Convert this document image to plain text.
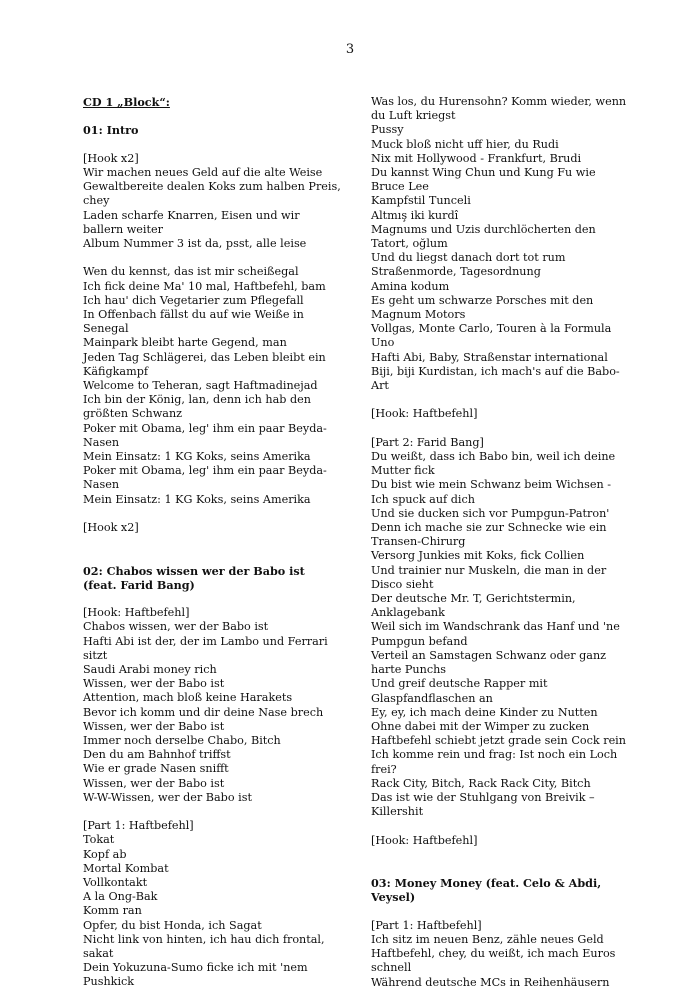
3
CD 1 „Block“:
01: Intro
[Hook x2]
Wir machen neues Geld auf die alte Weise
Gewaltbereite dealen Koks zum halben Preis, chey
Laden scharfe Knarren, Eisen und wir ballern weiter
Album Nummer 3 ist da, psst, alle leise
Wen du kennst, das ist mir scheißegal
Ich fick deine Ma' 10 mal, Haftbefehl, bam
Ich hau' dich Vegetarier zum Pflegefall
In Offenbach fällst du auf wie Weiße in Senegal
Mainpark bleibt harte Gegend, man
Jeden Tag Schlägerei, das Leben bleibt ein Käfigkampf
Welcome to Teheran, sagt Haftmadinejad
Ich bin der König, lan, denn ich hab den größten Schwanz
Poker mit Obama, leg' ihm ein paar Beyda-Nasen
Mein Einsatz: 1 KG Koks, seins Amerika
Poker mit Obama, leg' ihm ein paar Beyda-Nasen
Mein Einsatz: 1 KG Koks, seins Amerika
[Hook x2]
02: Chabos wissen wer der Babo ist (feat. Farid Bang)
[Hook: Haftbefehl]
Chabos wissen, wer der Babo ist
Hafti Abi ist der, der im Lambo und Ferrari sitzt
Saudi Arabi money rich
Wissen, wer der Babo ist
Attention, mach bloß keine Harakets
Bevor ich komm und dir deine Nase brech
Wissen, wer der Babo ist
Immer noch derselbe Chabo, Bitch
Den du am Bahnhof triffst
Wie er grade Nasen snifft
Wissen, wer der Babo ist
W-W-Wissen, wer der Babo ist
[Part 1: Haftbefehl]
Tokat
Kopf ab
Mortal Kombat
Vollkontakt
A la Ong-Bak
Komm ran
Opfer, du bist Honda, ich Sagat
Nicht link von hinten, ich hau dich frontal, sakat
Dein Yokuzuna-Sumo ficke ich mit 'nem Pushkick
Was los, du Hurensohn? Komm wieder, wenn du Luft kriegst
Pussy
Muck bloß nicht uff hier, du Rudi
Nix mit Hollywood - Frankfurt, Brudi
Du kannst Wing Chun und Kung Fu wie Bruce Lee
Kampfstil Tunceli
Altmış iki kurdî
Magnums und Uzis durchlöcherten den Tatort, oğlum
Und du liegst danach dort tot rum
Straßenmorde, Tagesordnung
Amina kodum
Es geht um schwarze Porsches mit den Magnum Motors
Vollgas, Monte Carlo, Touren à la Formula Uno
Hafti Abi, Baby, Straßenstar international
Biji, biji Kurdistan, ich mach's auf die Babo-Art
[Hook: Haftbefehl]
[Part 2: Farid Bang]
Du weißt, dass ich Babo bin, weil ich deine Mutter fick
Du bist wie mein Schwanz beim Wichsen - Ich spuck auf dich
Und sie ducken sich vor Pumpgun-Patron'
Denn ich mache sie zur Schnecke wie ein Transen-Chirurg
Versorg Junkies mit Koks, fick Collien
Und trainier nur Muskeln, die man in der Disco sieht
Der deutsche Mr. T, Gerichtstermin, Anklagebank
Weil sich im Wandschrank das Hanf und 'ne Pumpgun befand
Verteil an Samstagen Schwanz oder ganz harte Punchs
Und greif deutsche Rapper mit Glaspfandflaschen an
Ey, ey, ich mach deine Kinder zu Nutten
Ohne dabei mit der Wimper zu zucken
Haftbefehl schiebt jetzt grade sein Cock rein
Ich komme rein und frag: Ist noch ein Loch frei?
Rack City, Bitch, Rack Rack City, Bitch
Das ist wie der Stuhlgang von Breivik – Killershit
[Hook: Haftbefehl]
03: Money Money (feat. Celo & Abdi, Veysel)
[Part 1: Haftbefehl]
Ich sitz im neuen Benz, zähle neues Geld
Haftbefehl, chey, du weißt, ich mach Euros schnell
Während deutsche MCs in Reihenhäusern
